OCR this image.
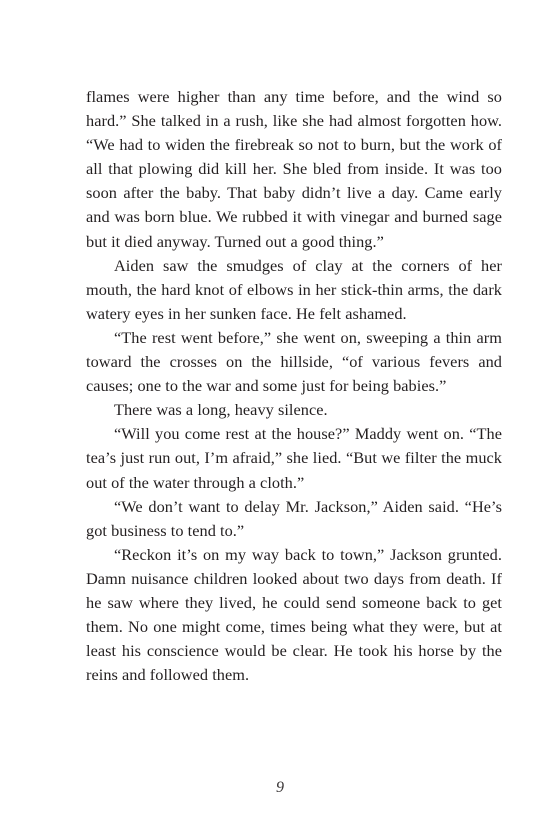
flames were higher than any time before, and the wind so hard.” She talked in a rush, like she had almost forgotten how. “We had to widen the firebreak so not to burn, but the work of all that plowing did kill her. She bled from inside. It was too soon after the baby. That baby didn’t live a day. Came early and was born blue. We rubbed it with vinegar and burned sage but it died anyway. Turned out a good thing.”

Aiden saw the smudges of clay at the corners of her mouth, the hard knot of elbows in her stick-thin arms, the dark watery eyes in her sunken face. He felt ashamed.

“The rest went before,” she went on, sweeping a thin arm toward the crosses on the hillside, “of various fevers and causes; one to the war and some just for being babies.”

There was a long, heavy silence.

“Will you come rest at the house?” Maddy went on. “The tea’s just run out, I’m afraid,” she lied. “But we filter the muck out of the water through a cloth.”

“We don’t want to delay Mr. Jackson,” Aiden said. “He’s got business to tend to.”

“Reckon it’s on my way back to town,” Jackson grunted. Damn nuisance children looked about two days from death. If he saw where they lived, he could send someone back to get them. No one might come, times being what they were, but at least his conscience would be clear. He took his horse by the reins and followed them.

9
